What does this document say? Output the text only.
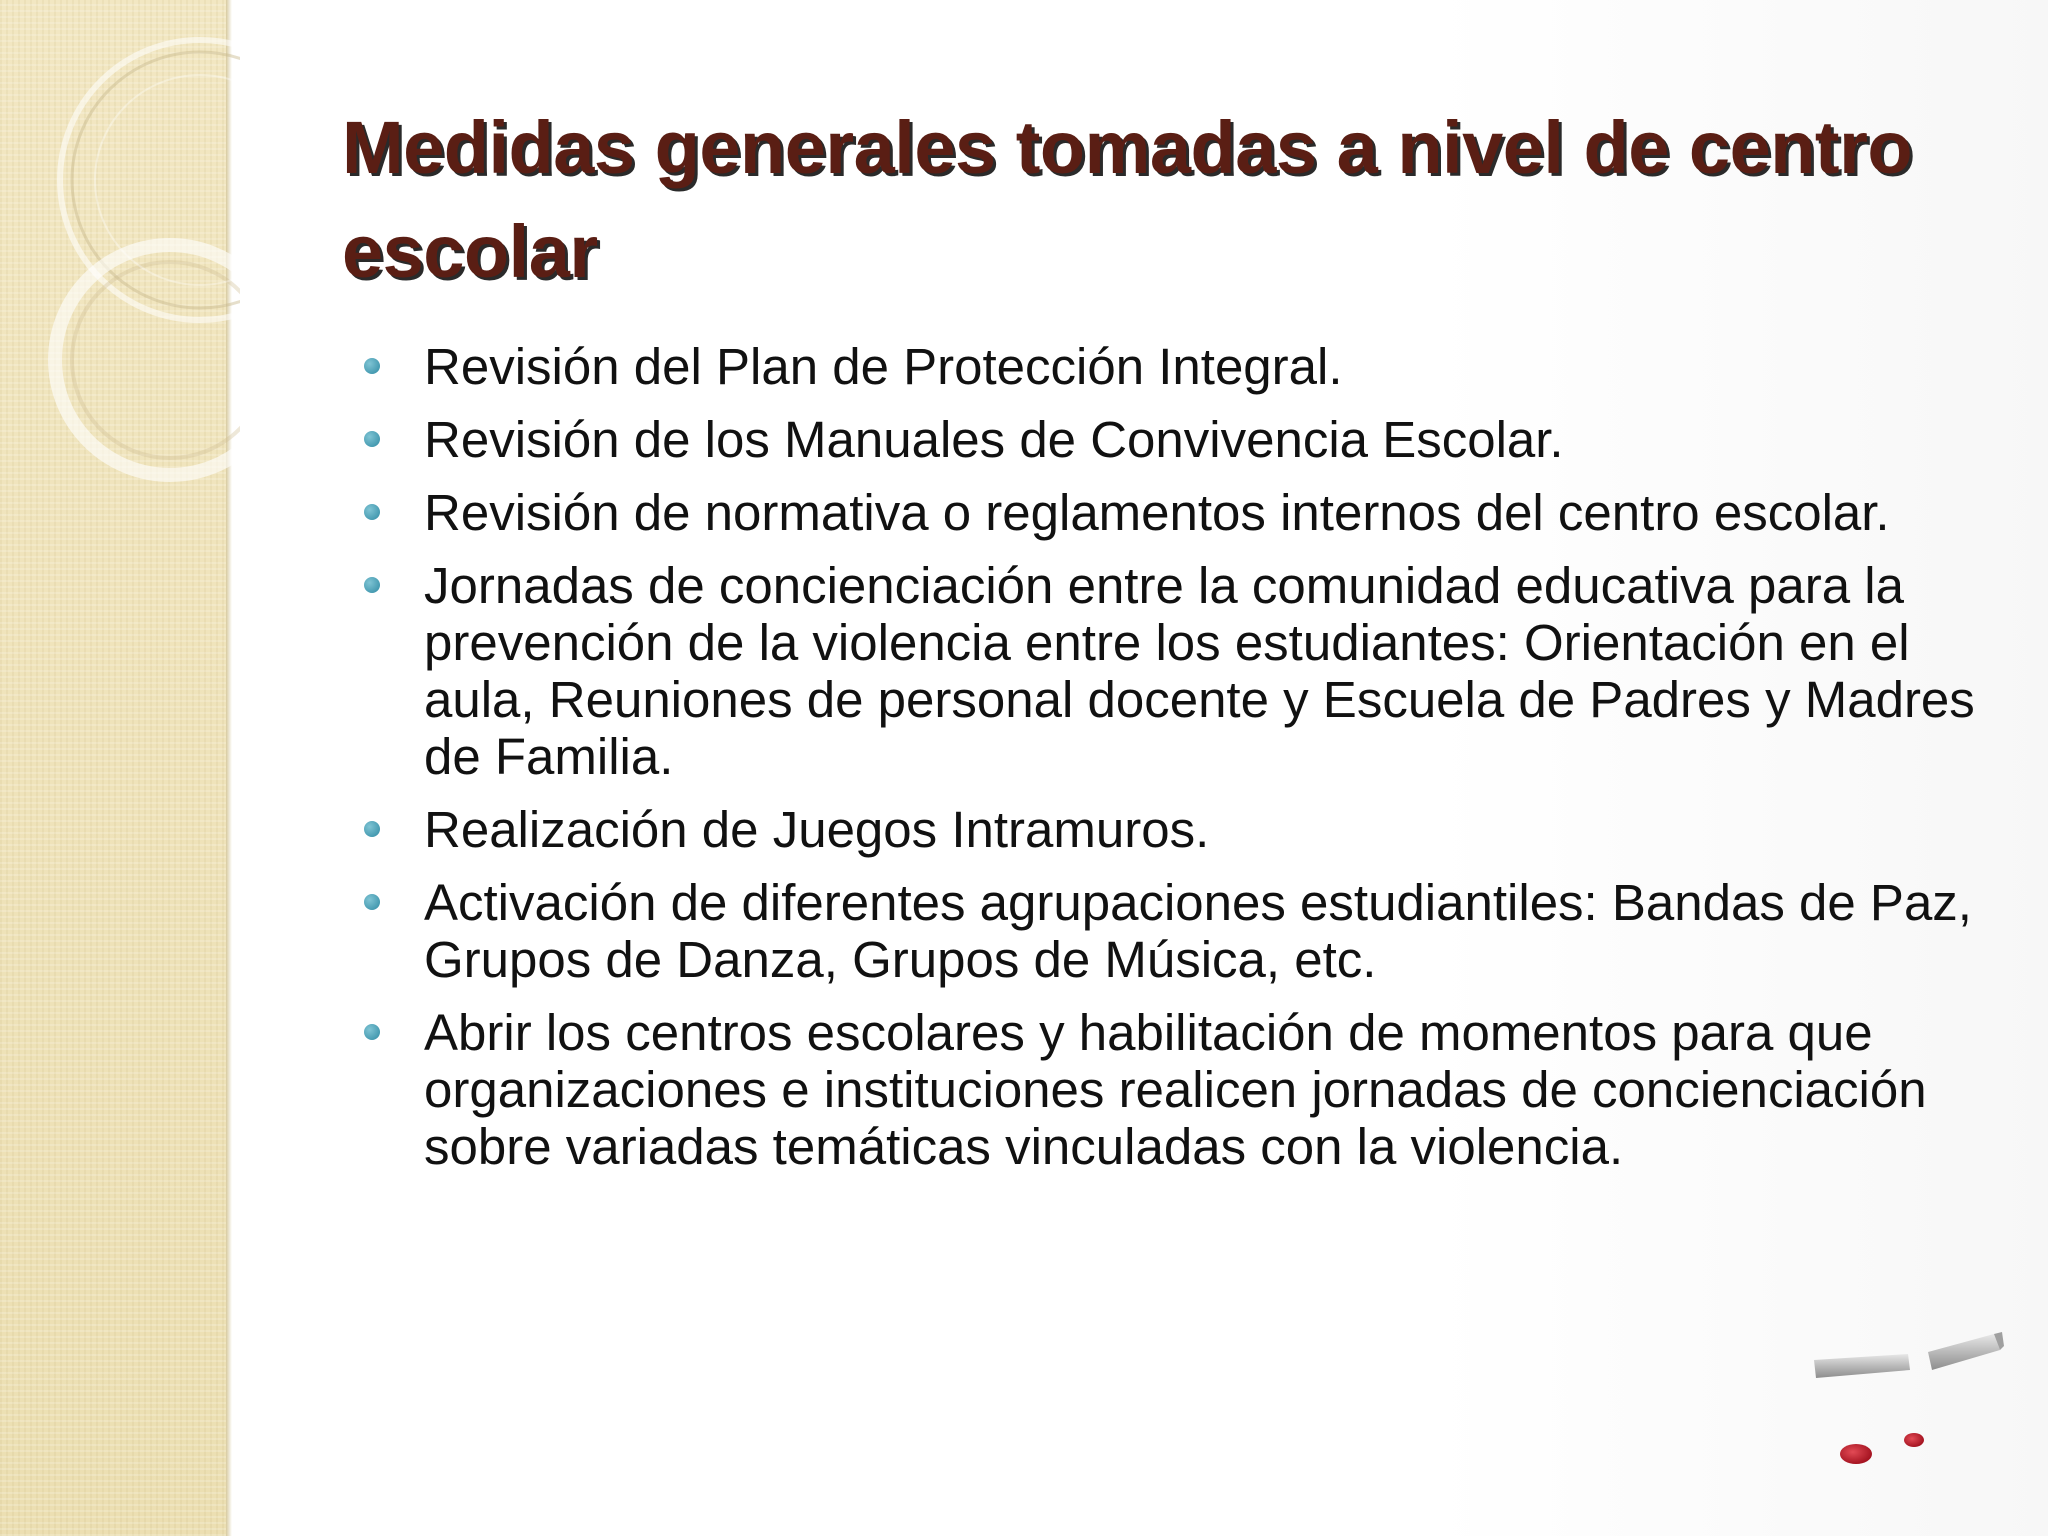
Medidas generales tomadas a nivel de centro escolar
Revisión del Plan de Protección Integral.
Revisión de los Manuales de Convivencia Escolar.
Revisión de normativa o reglamentos internos del centro escolar.
Jornadas de concienciación entre la comunidad educativa para la prevención de la violencia entre los estudiantes: Orientación en el aula, Reuniones de personal docente y Escuela de Padres y Madres de Familia.
Realización de Juegos Intramuros.
Activación de diferentes agrupaciones estudiantiles: Bandas de Paz, Grupos de Danza, Grupos de Música, etc.
Abrir los centros escolares y habilitación de momentos para que organizaciones e instituciones realicen jornadas de concienciación sobre variadas temáticas vinculadas con la violencia.
